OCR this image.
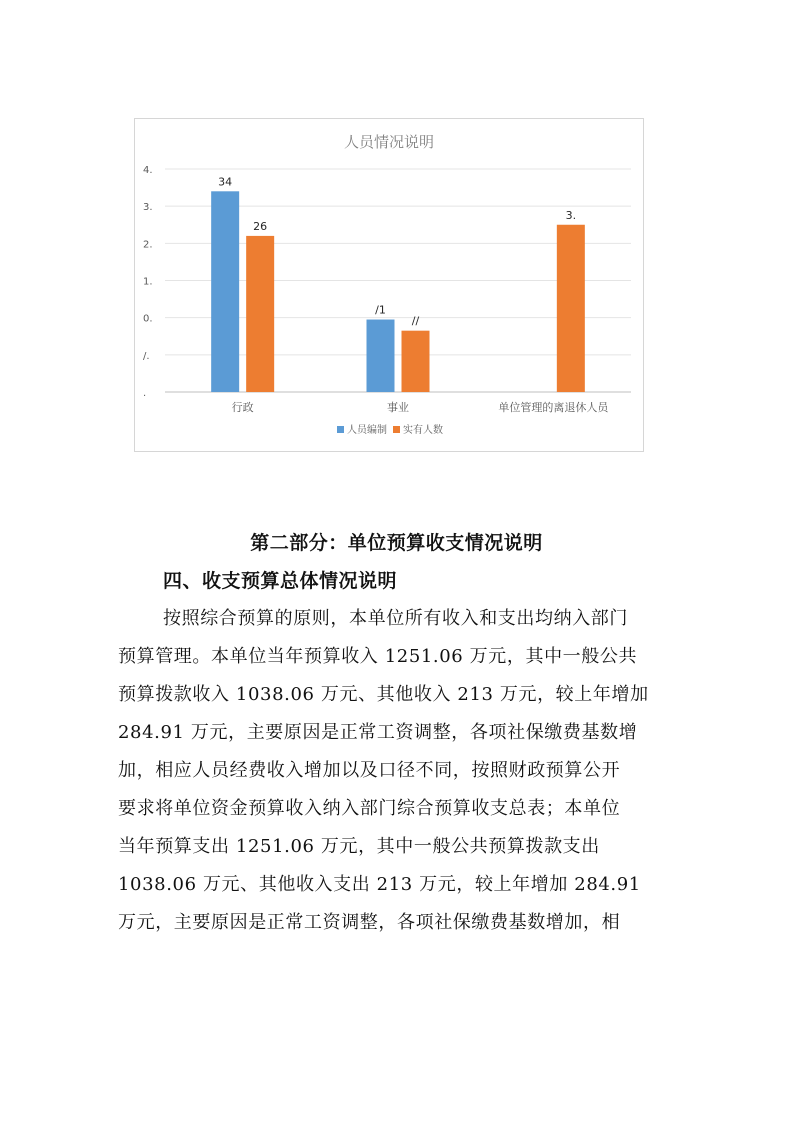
人员情况说明
4.
3.
2.
1.
0.
/.
.
34
26
行政
/1
//
事业
3.
单位管理的离退休人员
人员编制 实有人数
第二部分：单位预算收支情况说明
四、收支预算总体情况说明
按照综合预算的原则，本单位所有收入和支出均纳入部门
预算管理。本单位当年预算收入 1251.06 万元，其中一般公共
预算拨款收入 1038.06 万元、其他收入 213 万元，较上年增加
284.91 万元，主要原因是正常工资调整，各项社保缴费基数增
加，相应人员经费收入增加以及口径不同，按照财政预算公开
要求将单位资金预算收入纳入部门综合预算收支总表；本单位
当年预算支出 1251.06 万元，其中一般公共预算拨款支出
1038.06 万元、其他收入支出 213 万元，较上年增加 284.91
万元，主要原因是正常工资调整，各项社保缴费基数增加，相
